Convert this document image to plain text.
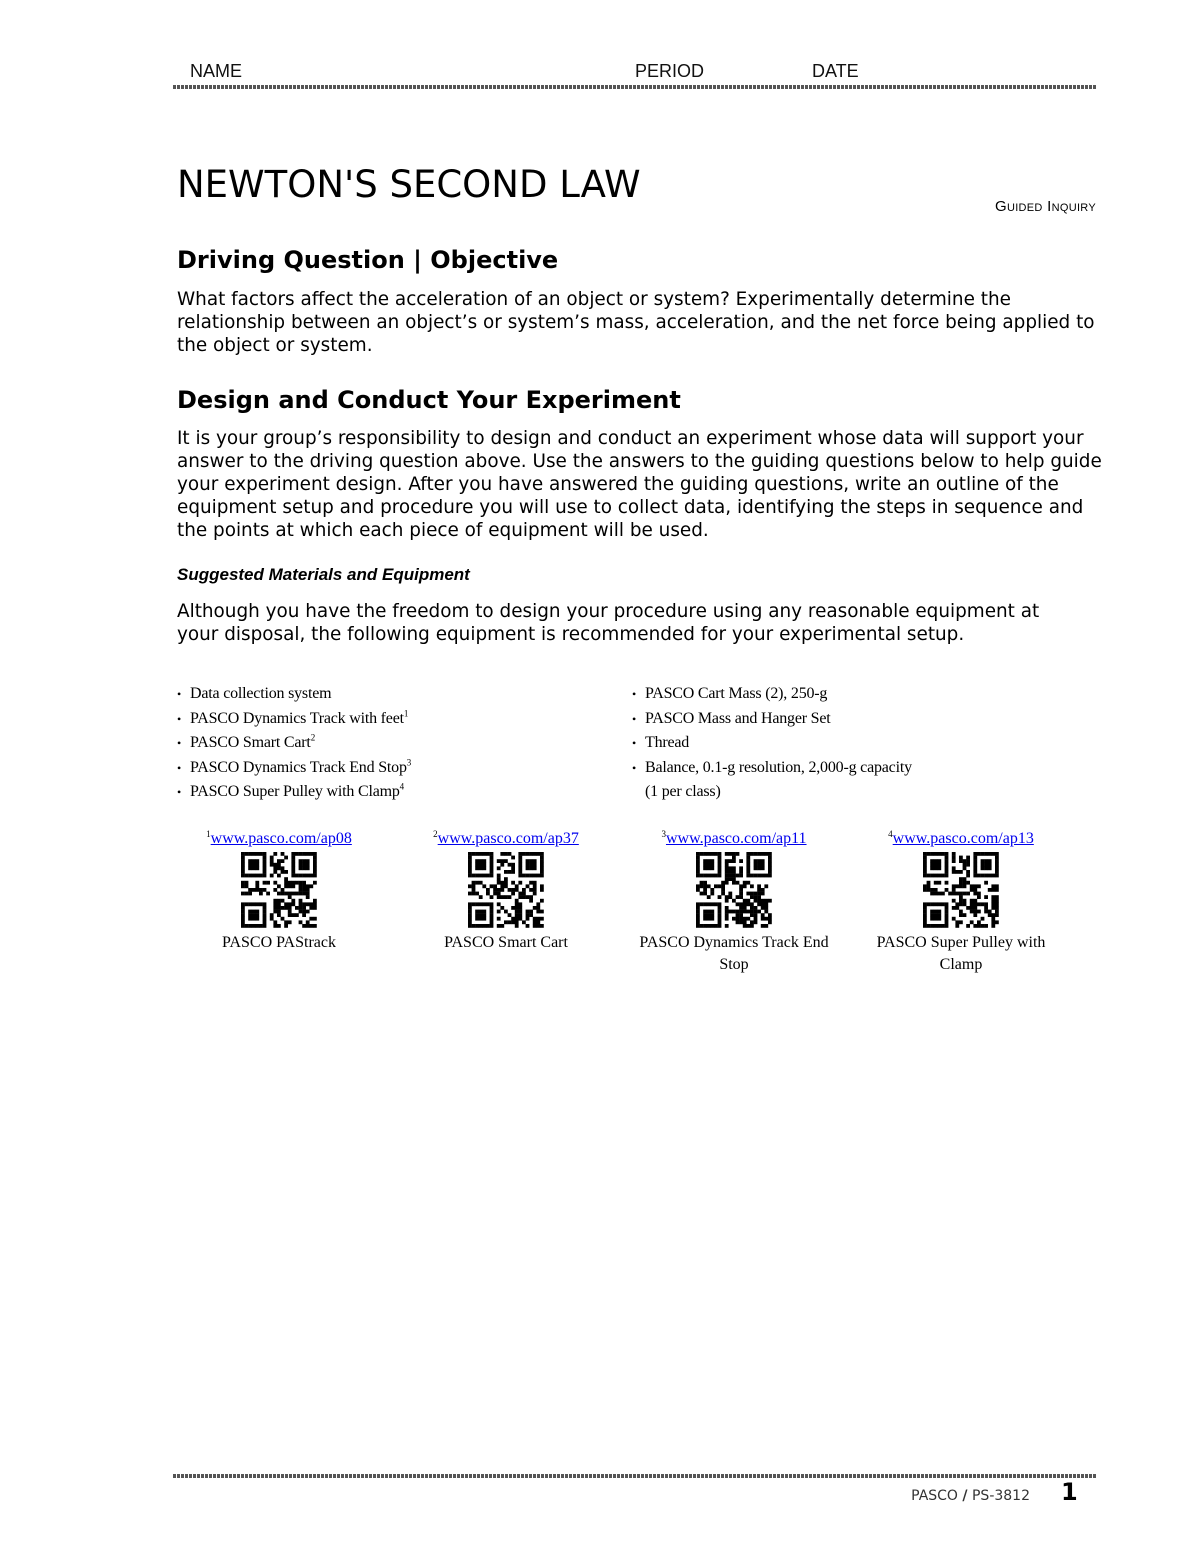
NAME	PERIOD	DATE
NEWTON'S SECOND LAW
Guided Inquiry
Driving Question | Objective

What factors affect the acceleration of an object or system? Experimentally determine the relationship between an object’s or system’s mass, acceleration, and the net force being applied to the object or system.

Design and Conduct Your Experiment

It is your group’s responsibility to design and conduct an experiment whose data will support your answer to the driving question above. Use the answers to the guiding questions below to help guide your experiment design. After you have answered the guiding questions, write an outline of the equipment setup and procedure you will use to collect data, identifying the steps in sequence and the points at which each piece of equipment will be used.

Suggested Materials and Equipment

Although you have the freedom to design your procedure using any reasonable equipment at your disposal, the following equipment is recommended for your experimental setup.

• Data collection system
• PASCO Dynamics Track with feet$^1$
• PASCO Smart Cart$^2$
• PASCO Dynamics Track End Stop$^3$
• PASCO Super Pulley with Clamp$^4$
• PASCO Cart Mass (2), 250-g
• PASCO Mass and Hanger Set
• Thread
• Balance, 0.1-g resolution, 2,000-g capacity
(1 per class)
$^1$www.pasco.com/ap08
PASCO PAStrack
$^2$www.pasco.com/ap37
PASCO Smart Cart
$^3$www.pasco.com/ap11
PASCO Dynamics Track End Stop
$^4$www.pasco.com/ap13
PASCO Super Pulley with Clamp
PASCO / PS-3812 1
